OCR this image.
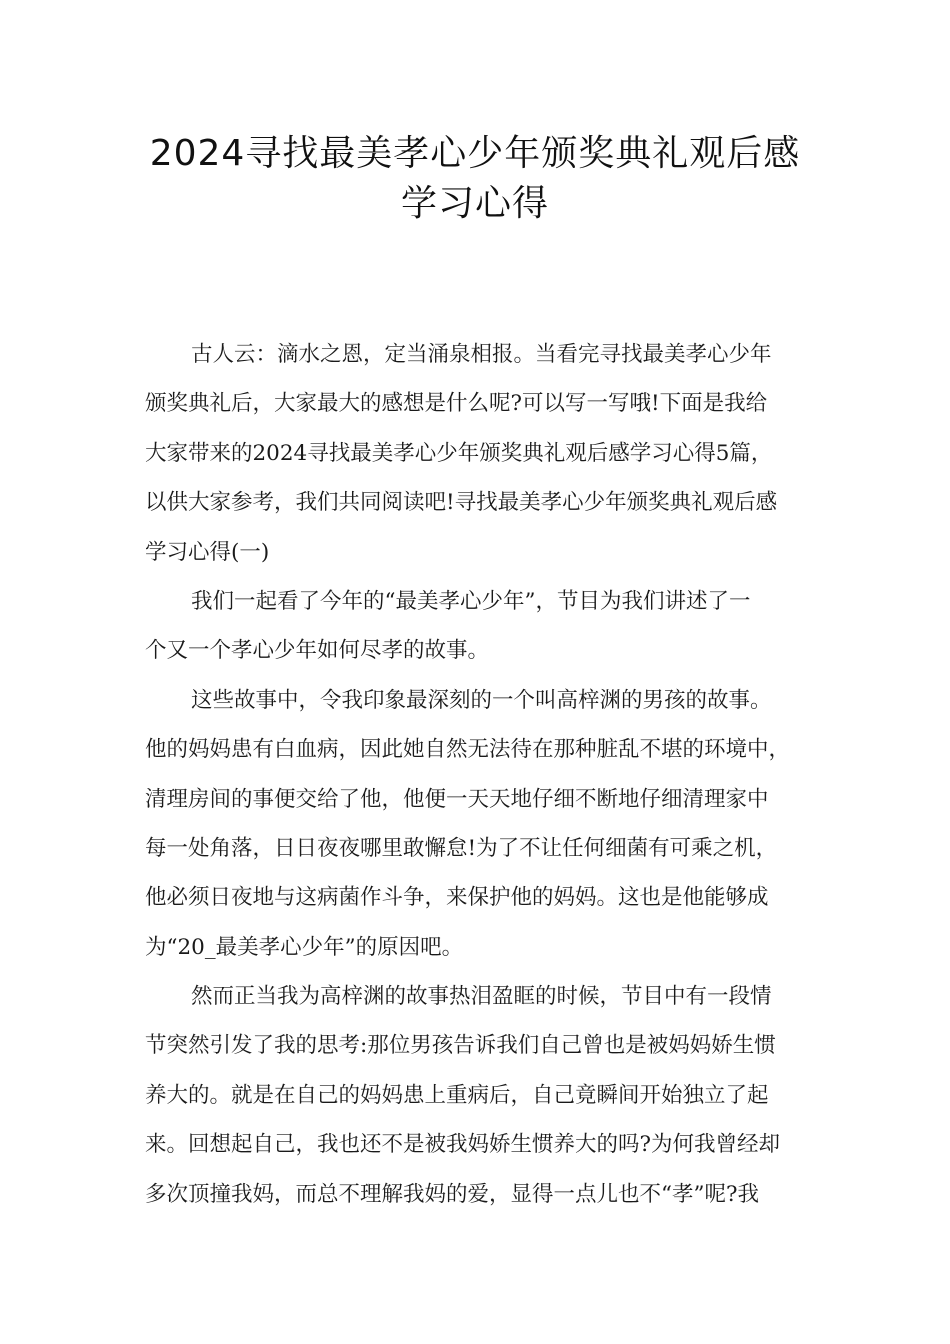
2024寻找最美孝心少年颁奖典礼观后感
学习心得
古人云：滴水之恩，定当涌泉相报。当看完寻找最美孝心少年
颁奖典礼后，大家最大的感想是什么呢?可以写一写哦!下面是我给
大家带来的2024寻找最美孝心少年颁奖典礼观后感学习心得5篇，
以供大家参考，我们共同阅读吧!寻找最美孝心少年颁奖典礼观后感
学习心得(一)
我们一起看了今年的“最美孝心少年”，节目为我们讲述了一
个又一个孝心少年如何尽孝的故事。
这些故事中，令我印象最深刻的一个叫高梓渊的男孩的故事。
他的妈妈患有白血病，因此她自然无法待在那种脏乱不堪的环境中，
清理房间的事便交给了他，他便一天天地仔细不断地仔细清理家中
每一处角落，日日夜夜哪里敢懈怠!为了不让任何细菌有可乘之机，
他必须日夜地与这病菌作斗争，来保护他的妈妈。这也是他能够成
为“20_最美孝心少年”的原因吧。
然而正当我为高梓渊的故事热泪盈眶的时候，节目中有一段情
节突然引发了我的思考:那位男孩告诉我们自己曾也是被妈妈娇生惯
养大的。就是在自己的妈妈患上重病后，自己竟瞬间开始独立了起
来。回想起自己，我也还不是被我妈娇生惯养大的吗?为何我曾经却
多次顶撞我妈，而总不理解我妈的爱，显得一点儿也不“孝”呢?我
